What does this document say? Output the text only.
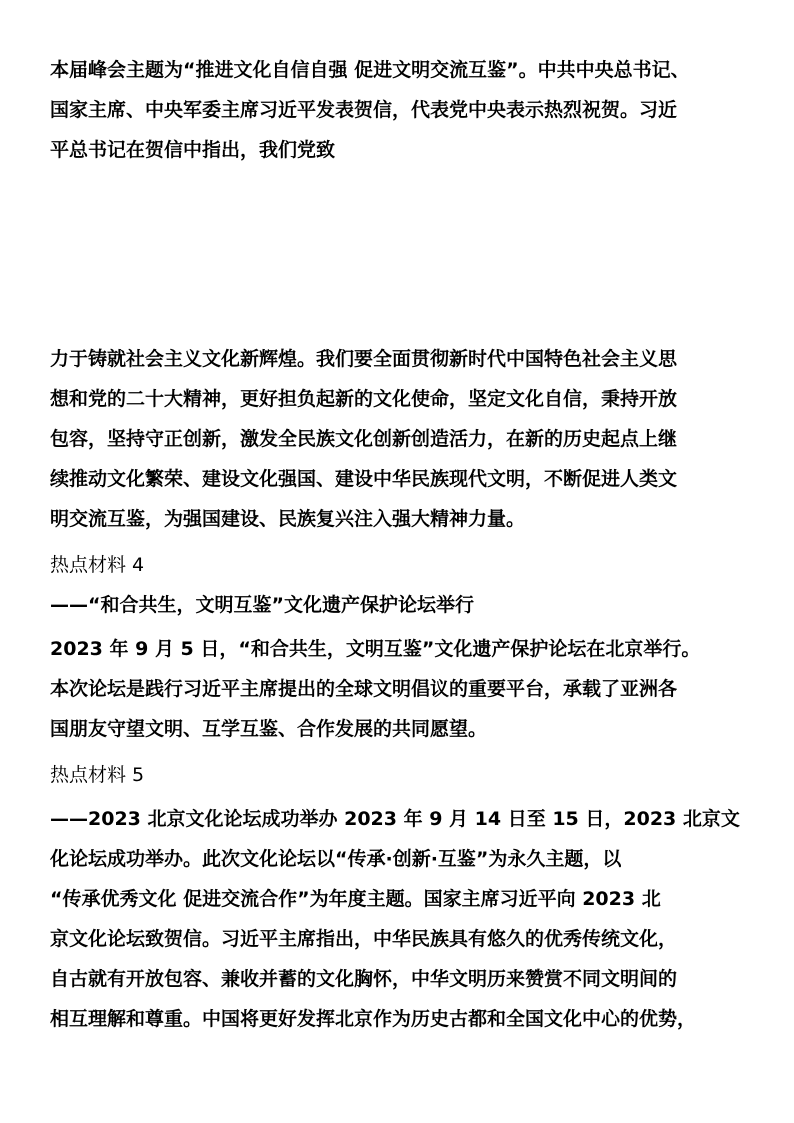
本届峰会主题为“推进文化自信自强 促进文明交流互鉴”。中共中央总书记、
国家主席、中央军委主席习近平发表贺信，代表党中央表示热烈祝贺。习近
平总书记在贺信中指出，我们党致
力于铸就社会主义文化新辉煌。我们要全面贯彻新时代中国特色社会主义思
想和党的二十大精神，更好担负起新的文化使命，坚定文化自信，秉持开放
包容，坚持守正创新，激发全民族文化创新创造活力，在新的历史起点上继
续推动文化繁荣、建设文化强国、建设中华民族现代文明，不断促进人类文
明交流互鉴，为强国建设、民族复兴注入强大精神力量。
热点材料 4
——“和合共生，文明互鉴”文化遗产保护论坛举行
2023 年 9 月 5 日，“和合共生，文明互鉴”文化遗产保护论坛在北京举行。
本次论坛是践行习近平主席提出的全球文明倡议的重要平台，承载了亚洲各
国朋友守望文明、互学互鉴、合作发展的共同愿望。
热点材料 5
——2023 北京文化论坛成功举办 2023 年 9 月 14 日至 15 日，2023 北京文
化论坛成功举办。此次文化论坛以“传承·创新·互鉴”为永久主题，以
“传承优秀文化 促进交流合作”为年度主题。国家主席习近平向 2023 北
京文化论坛致贺信。习近平主席指出，中华民族具有悠久的优秀传统文化，
自古就有开放包容、兼收并蓄的文化胸怀，中华文明历来赞赏不同文明间的
相互理解和尊重。中国将更好发挥北京作为历史古都和全国文化中心的优势，
